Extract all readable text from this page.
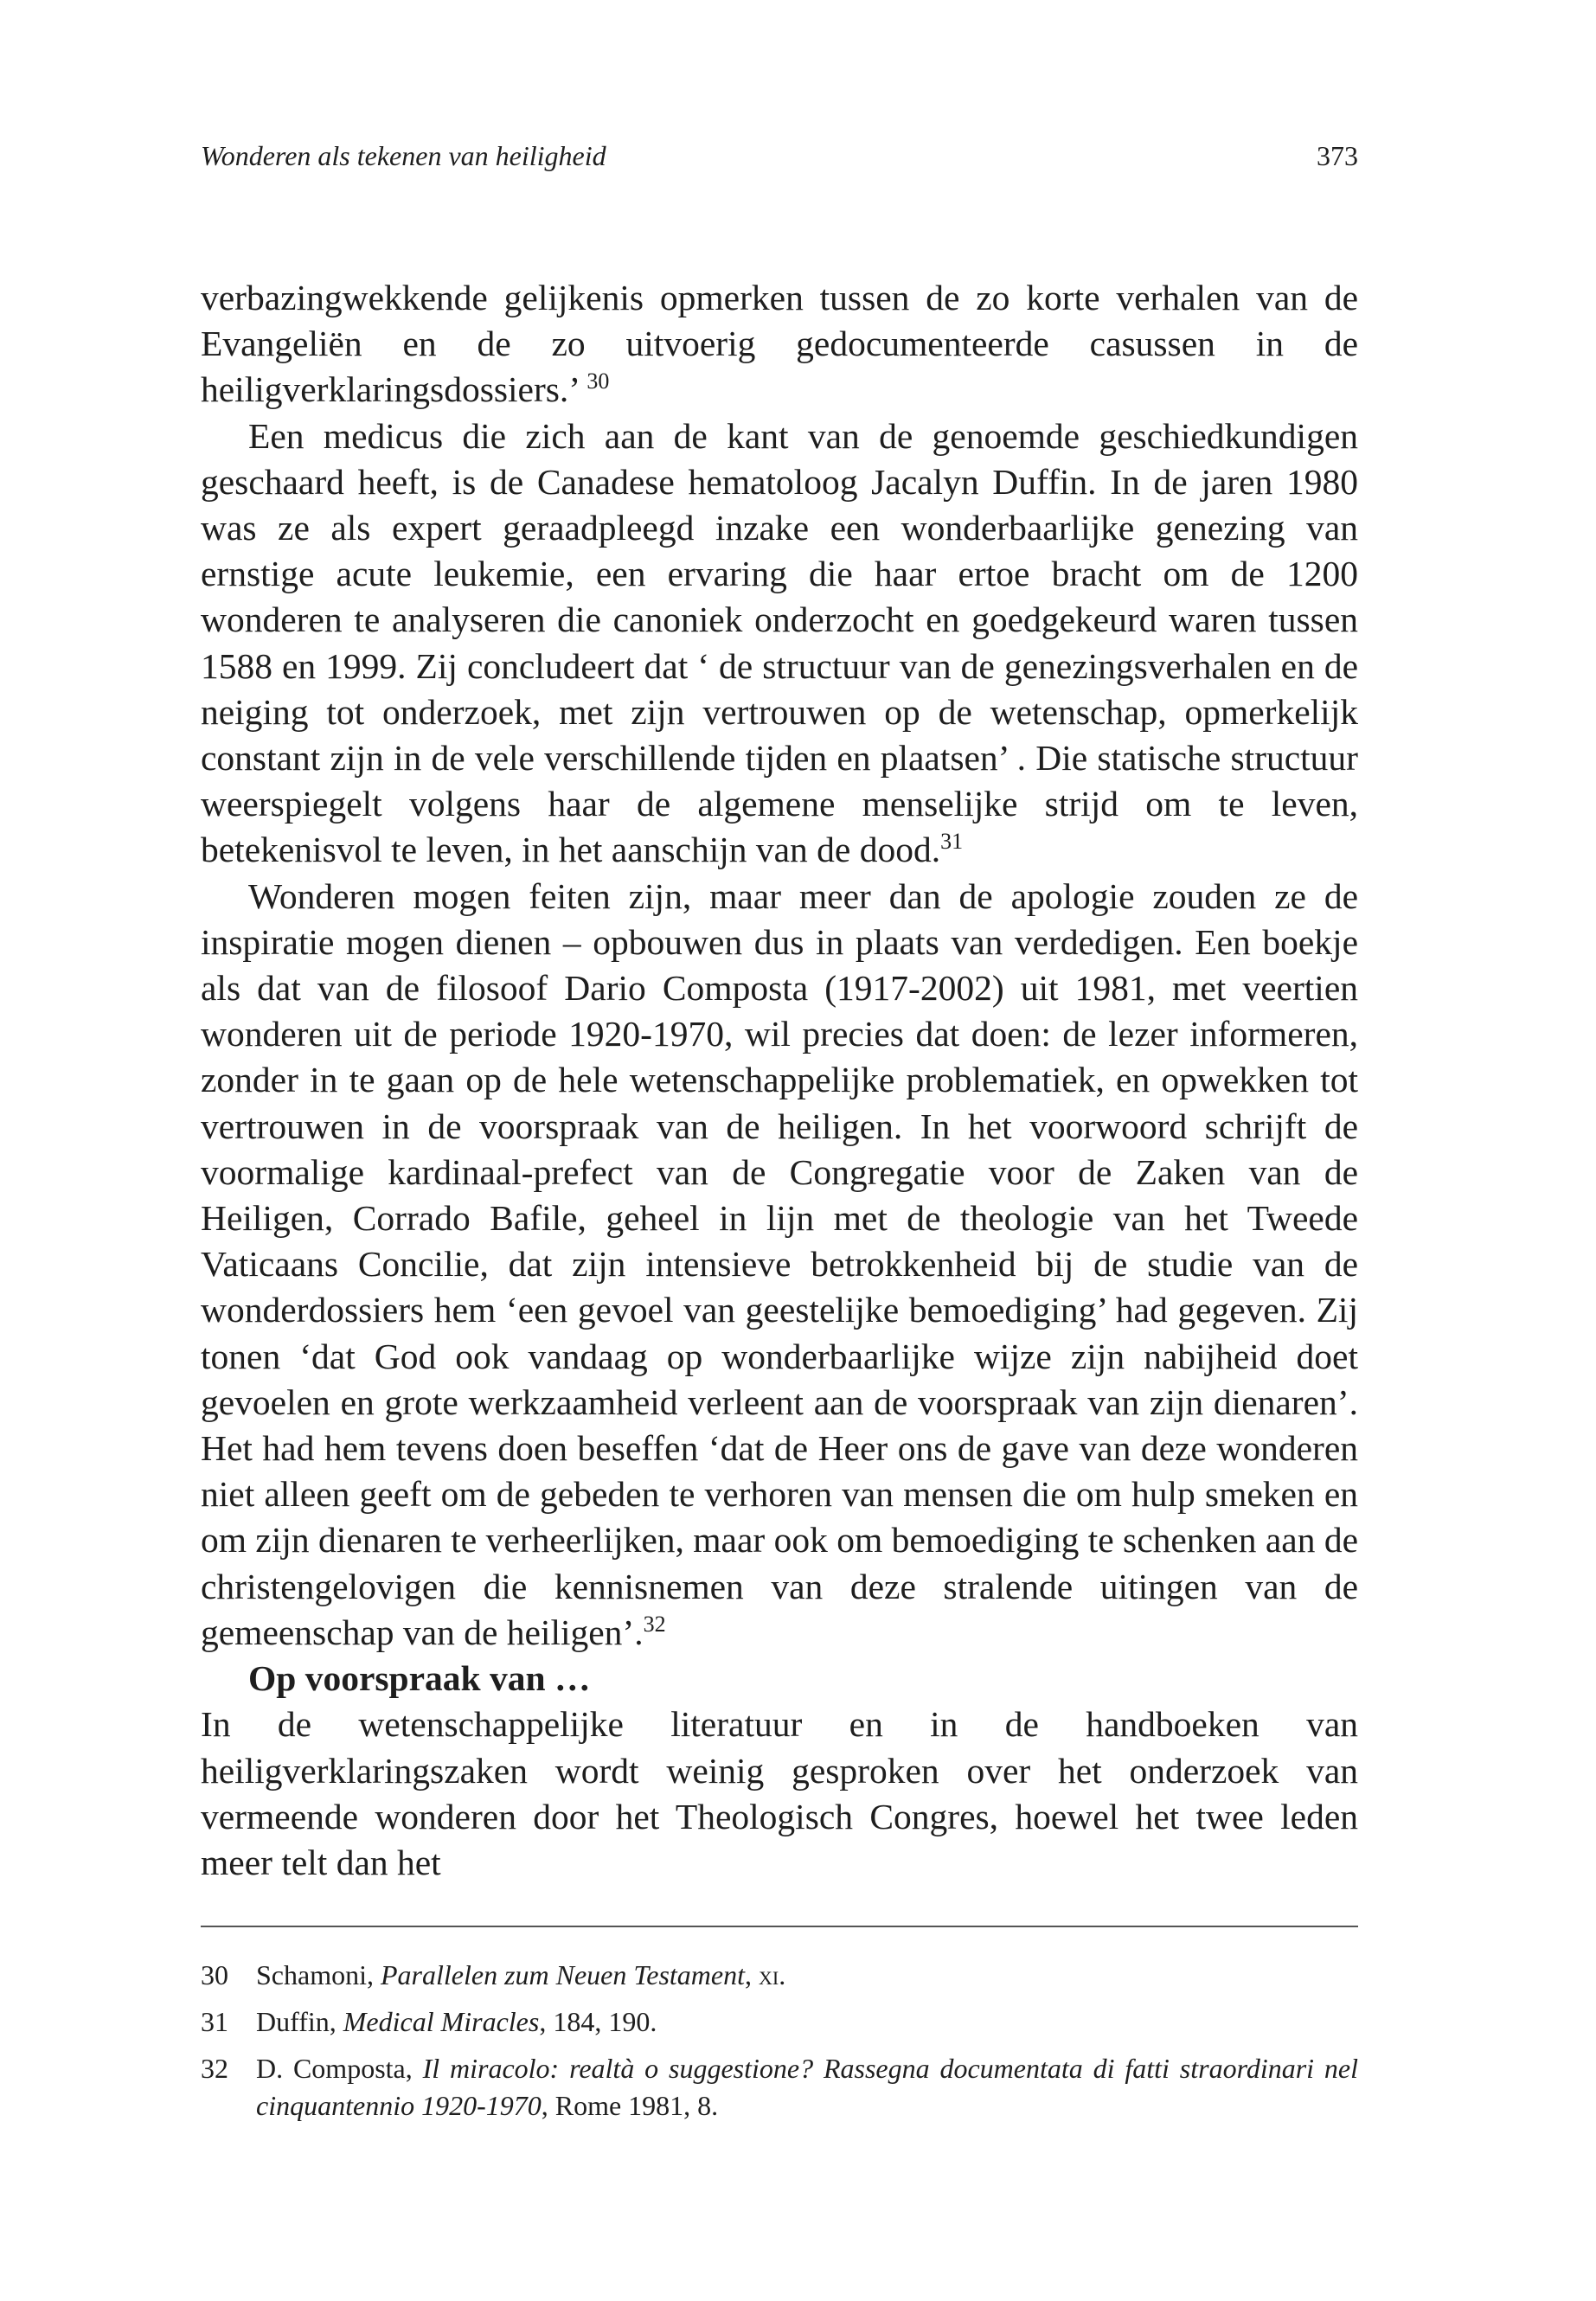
Wonderen als tekenen van heiligheid	373

verbazingwekkende gelijkenis opmerken tussen de zo korte verhalen van de Evangeliën en de zo uitvoerig gedocumenteerde casussen in de heiligverklaringsdossiers.’ $^{30}$

Een medicus die zich aan de kant van de genoemde geschiedkundigen geschaard heeft, is de Canadese hematoloog Jacalyn Duffin. In de jaren 1980 was ze als expert geraadpleegd inzake een wonderbaarlijke genezing van ernstige acute leukemie, een ervaring die haar ertoe bracht om de 1200 wonderen te analyseren die canoniek onderzocht en goedgekeurd waren tussen 1588 en 1999. Zij concludeert dat ‘ de structuur van de genezingsverhalen en de neiging tot onderzoek, met zijn vertrouwen op de wetenschap, opmerkelijk constant zijn in de vele verschillende tijden en plaatsen’ . Die statische structuur weerspiegelt volgens haar de algemene menselijke strijd om te leven, betekenisvol te leven, in het aanschijn van de dood.$^{31}$

Wonderen mogen feiten zijn, maar meer dan de apologie zouden ze de inspiratie mogen dienen – opbouwen dus in plaats van verdedigen. Een boekje als dat van de filosoof Dario Composta (1917-2002) uit 1981, met veertien wonderen uit de periode 1920-1970, wil precies dat doen: de lezer informeren, zonder in te gaan op de hele wetenschappelijke problematiek, en opwekken tot vertrouwen in de voorspraak van de heiligen. In het voorwoord schrijft de voormalige kardinaal-prefect van de Congregatie voor de Zaken van de Heiligen, Corrado Bafile, geheel in lijn met de theologie van het Tweede Vaticaans Concilie, dat zijn intensieve betrokkenheid bij de studie van de wonderdossiers hem ‘een gevoel van geestelijke bemoediging’ had gegeven. Zij tonen ‘dat God ook vandaag op wonderbaarlijke wijze zijn nabijheid doet gevoelen en grote werkzaamheid verleent aan de voorspraak van zijn dienaren’. Het had hem tevens doen beseffen ‘dat de Heer ons de gave van deze wonderen niet alleen geeft om de gebeden te verhoren van mensen die om hulp smeken en om zijn dienaren te verheerlijken, maar ook om bemoediging te schenken aan de christengelovigen die kennisnemen van deze stralende uitingen van de gemeenschap van de heiligen’.$^{32}$

Op voorspraak van …

In de wetenschappelijke literatuur en in de handboeken van heiligverklaringszaken wordt weinig gesproken over het onderzoek van vermeende wonderen door het Theologisch Congres, hoewel het twee leden meer telt dan het

30	Schamoni, Parallelen zum Neuen Testament, xi.
31	Duffin, Medical Miracles, 184, 190.
32	D. Composta, Il miracolo: realtà o suggestione? Rassegna documentata di fatti straordinari nel cinquantennio 1920-1970, Rome 1981, 8.
